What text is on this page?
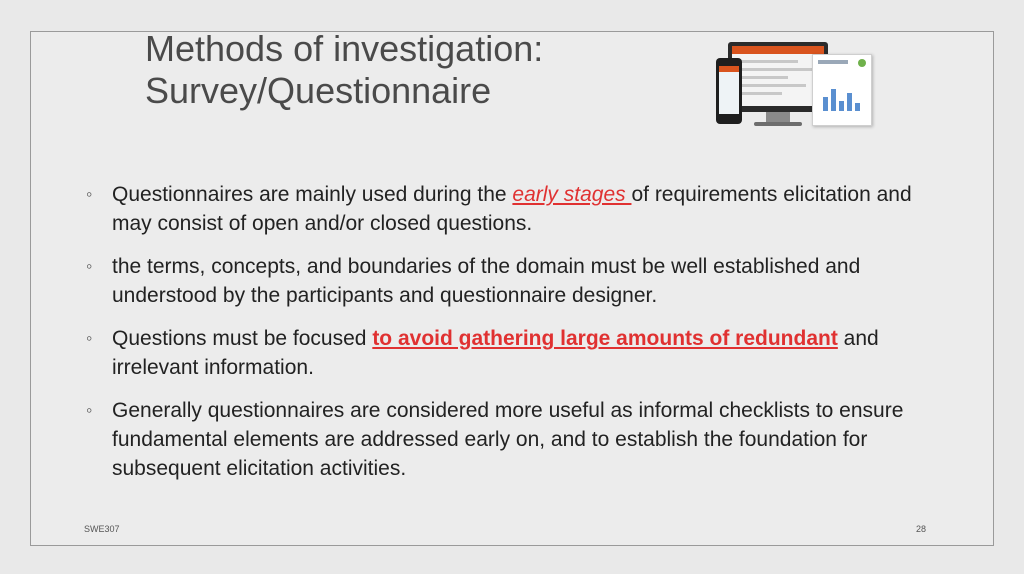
Methods of investigation:
Survey/Questionnaire
◦ Questionnaires are mainly used during the early stages of requirements elicitation and may consist of open and/or closed questions.
◦ the terms, concepts, and boundaries of the domain must be well established and understood by the participants and questionnaire designer.
◦ Questions must be focused to avoid gathering large amounts of redundant and irrelevant information.
◦ Generally questionnaires are considered more useful as informal checklists to ensure fundamental elements are addressed early on, and to establish the foundation for subsequent elicitation activities.
SWE307	28
